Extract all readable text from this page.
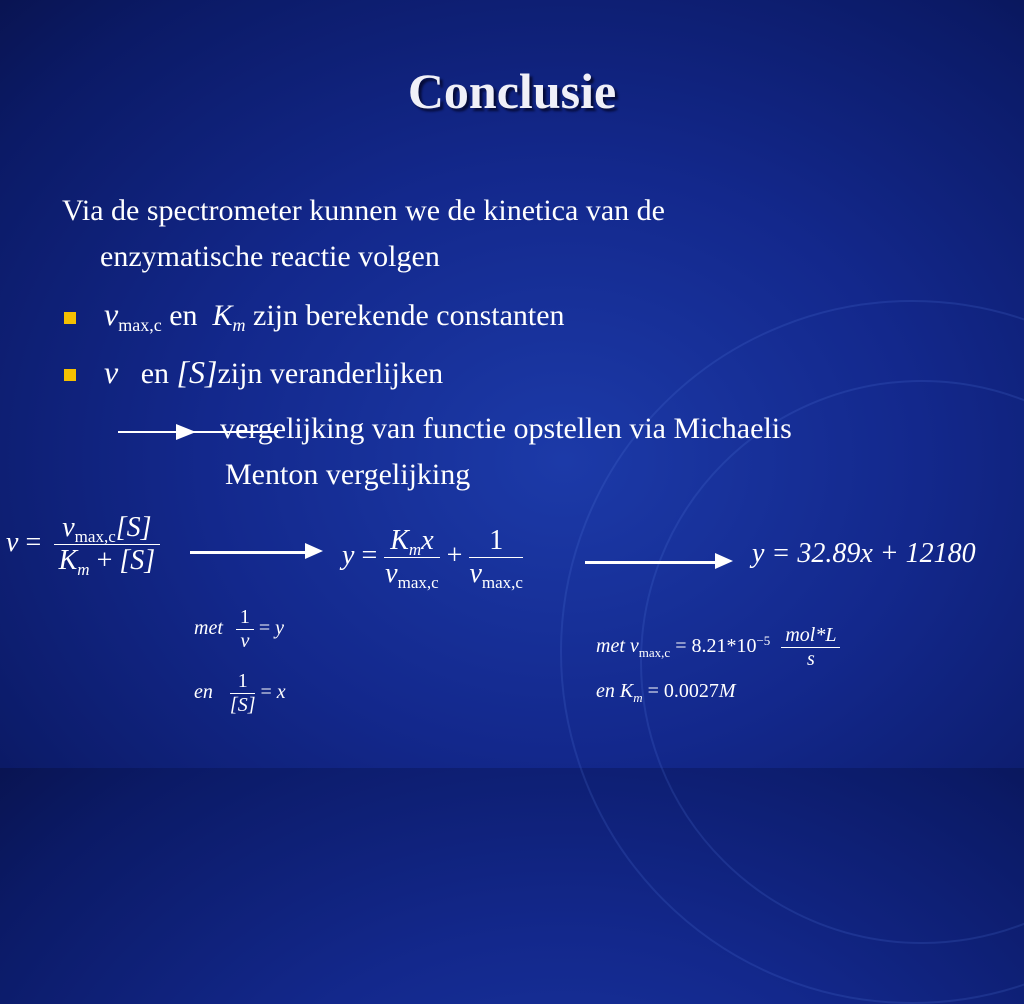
Conclusie
Via de spectrometer kunnen we de kinetica van de
enzymatische reactie volgen
$v_{max,c}$ en $K_m$ zijn berekende constanten
v en [S]zijn veranderlijken
vergelijking van functie opstellen via Michaelis
Menton vergelijking
$v = \frac{v_{max,c}[S]}{K_m + [S]}$	$y = \frac{K_mx}{v_{max,c}} + \frac{1}{v_{max,c}}$	y = 32.89x + 12180
met $\frac{1}{v} = y$
en $\frac{1}{[S]} = x$
met $v_{max,c} = 8.21*10^{-5} \frac{\text{mol*L}}{s}$
en $K_m = 0.0027M$
